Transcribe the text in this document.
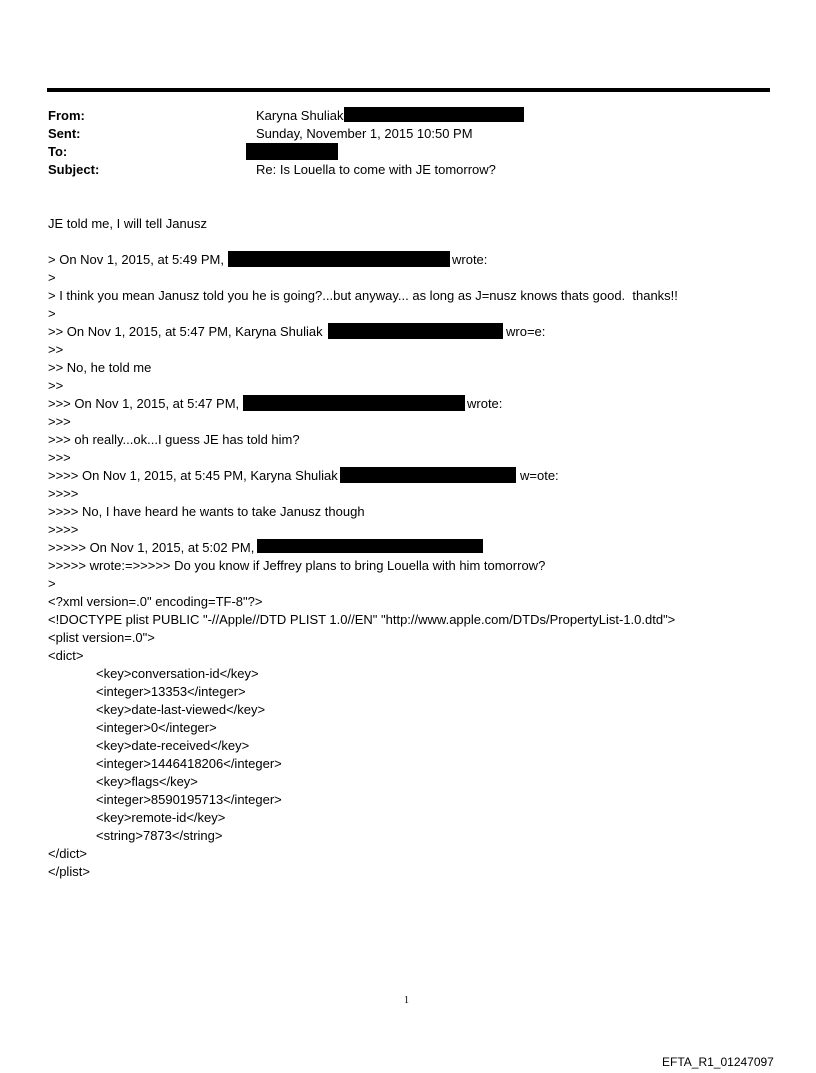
From:	Karyna Shuliak
Sent:	Sunday, November 1, 2015 10:50 PM
To:
Subject:	Re: Is Louella to come with JE tomorrow?
JE told me, I will tell Janusz
> On Nov 1, 2015, at 5:49 PM,	wrote:
>
> I think you mean Janusz told you he is going?...but anyway... as long as J=nusz knows thats good.  thanks!!
>
>> On Nov 1, 2015, at 5:47 PM, Karyna Shuliak	wro=e:
>>
>> No, he told me
>>
>>> On Nov 1, 2015, at 5:47 PM,	wrote:
>>>
>>> oh really...ok...I guess JE has told him?
>>>
>>>> On Nov 1, 2015, at 5:45 PM, Karyna Shuliak	w=ote:
>>>>
>>>> No, I have heard he wants to take Janusz though
>>>>
>>>>> On Nov 1, 2015, at 5:02 PM,
>>>>> wrote:=>>>>> Do you know if Jeffrey plans to bring Louella with him tomorrow?
>
<?xml version=.0" encoding=TF-8"?>
<!DOCTYPE plist PUBLIC "-//Apple//DTD PLIST 1.0//EN" "http://www.apple.com/DTDs/PropertyList-1.0.dtd">
<plist version=.0">
<dict>
<key>conversation-id</key>
<integer>13353</integer>
<key>date-last-viewed</key>
<integer>0</integer>
<key>date-received</key>
<integer>1446418206</integer>
<key>flags</key>
<integer>8590195713</integer>
<key>remote-id</key>
<string>7873</string>
</dict>
</plist>
1
EFTA_R1_01247097
